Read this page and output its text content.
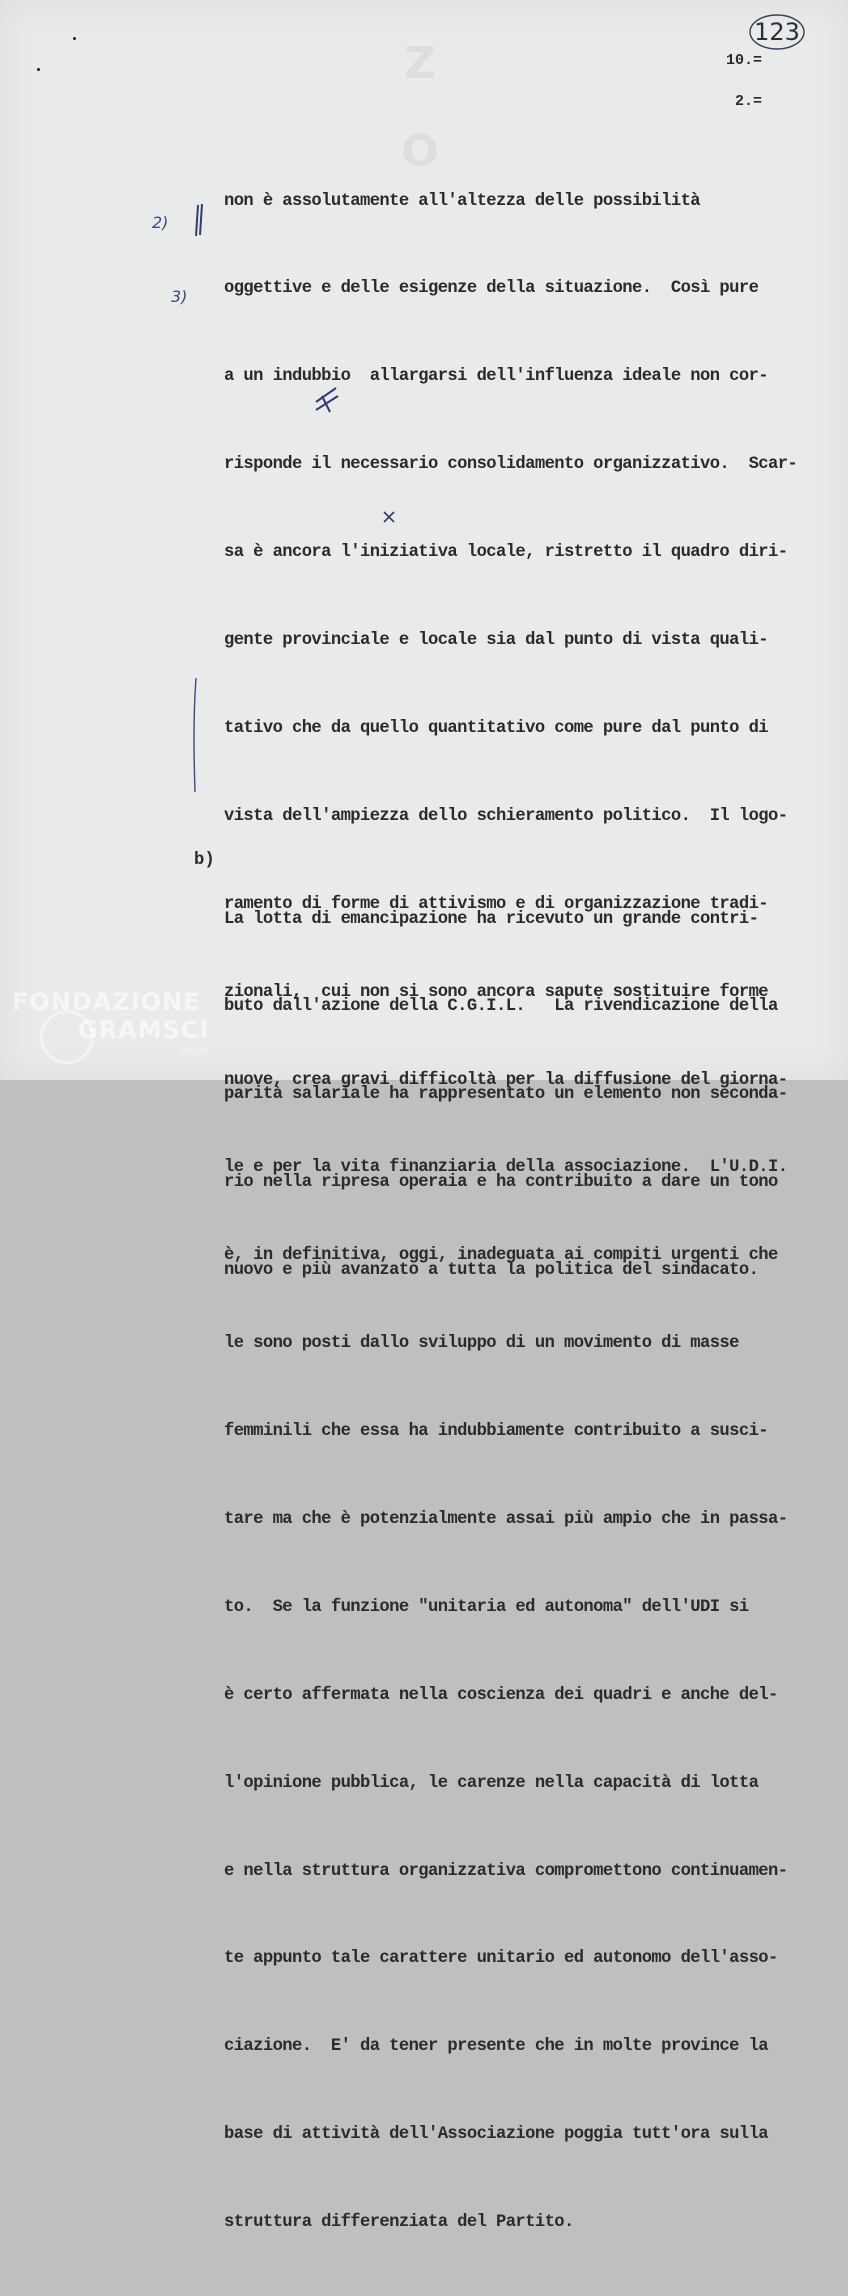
Z O
123
10.=
2.=
2)
3)

non è assolutamente all'altezza delle possibilità

oggettive e delle esigenze della situazione.  Così pure

a un indubbio  allargarsi dell'influenza ideale non cor-

risponde il necessario consolidamento organizzativo.  Scar-

sa è ancora l'iniziativa locale, ristretto il quadro diri-

gente provinciale e locale sia dal punto di vista quali-

tativo che da quello quantitativo come pure dal punto di

vista dell'ampiezza dello schieramento politico.  Il logo-

ramento di forme di attivismo e di organizzazione tradi-

zionali,  cui non si sono ancora sapute sostituire forme

nuove, crea gravi difficoltà per la diffusione del giorna-

le e per la vita finanziaria della associazione.  L'U.D.I.

è, in definitiva, oggi, inadeguata ai compiti urgenti che

le sono posti dallo sviluppo di un movimento di masse

femminili che essa ha indubbiamente contribuito a susci-

tare ma che è potenzialmente assai più ampio che in passa-

to.  Se la funzione "unitaria ed autonoma" dell'UDI si

è certo affermata nella coscienza dei quadri e anche del-

l'opinione pubblica, le carenze nella capacità di lotta

e nella struttura organizzativa compromettono continuamen-

te appunto tale carattere unitario ed autonomo dell'asso-

ciazione.  E' da tener presente che in molte province la

base di attività dell'Associazione poggia tutt'ora sulla

struttura differenziata del Partito.

b)

La lotta di emancipazione ha ricevuto un grande contri-

buto dall'azione della C.G.I.L.   La rivendicazione della

parità salariale ha rappresentato un elemento non seconda-

rio nella ripresa operaia e ha contribuito a dare un tono

nuovo e più avanzato a tutta la politica del sindacato.

FONDAZIONE
GRAMSCI
onlus
